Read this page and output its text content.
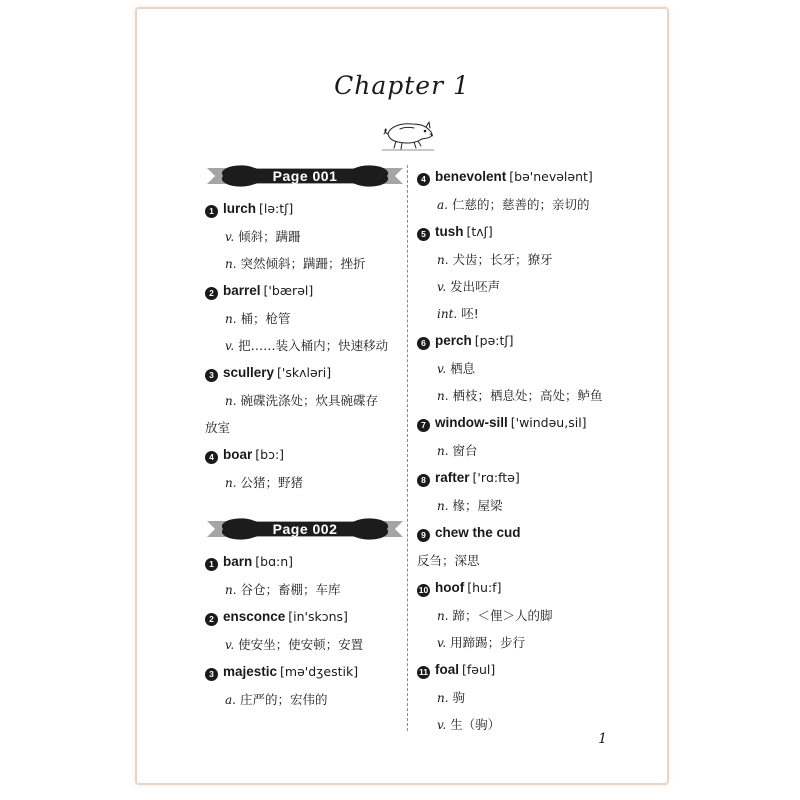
Chapter 1
Page 001
1 lurch [lə:tʃ]
v. 倾斜；蹒跚
n. 突然倾斜；蹒跚；挫折
2 barrel ['bærəl]
n. 桶；枪管
v. 把……装入桶内；快速移动
3 scullery ['skʌləri]
n. 碗碟洗涤处；炊具碗碟存
放室
4 boar [bɔ:]
n. 公猪；野猪
Page 002
1 barn [bɑ:n]
n. 谷仓；畜棚；车库
2 ensconce [in'skɔns]
v. 使安坐；使安顿；安置
3 majestic [mə'dʒestik]
a. 庄严的；宏伟的
4 benevolent [bə'nevələnt]
a. 仁慈的；慈善的；亲切的
5 tush [tʌʃ]
n. 犬齿；长牙；獠牙
v. 发出呸声
int. 呸!
6 perch [pə:tʃ]
v. 栖息
n. 栖枝；栖息处；高处；鲈鱼
7 window-sill ['windəu,sil]
n. 窗台
8 rafter ['rɑ:ftə]
n. 椽；屋梁
9 chew the cud
反刍；深思
10 hoof [hu:f]
n. 蹄；＜俚＞人的脚
v. 用蹄踢；步行
11 foal [fəul]
n. 驹
v. 生（驹）
1
